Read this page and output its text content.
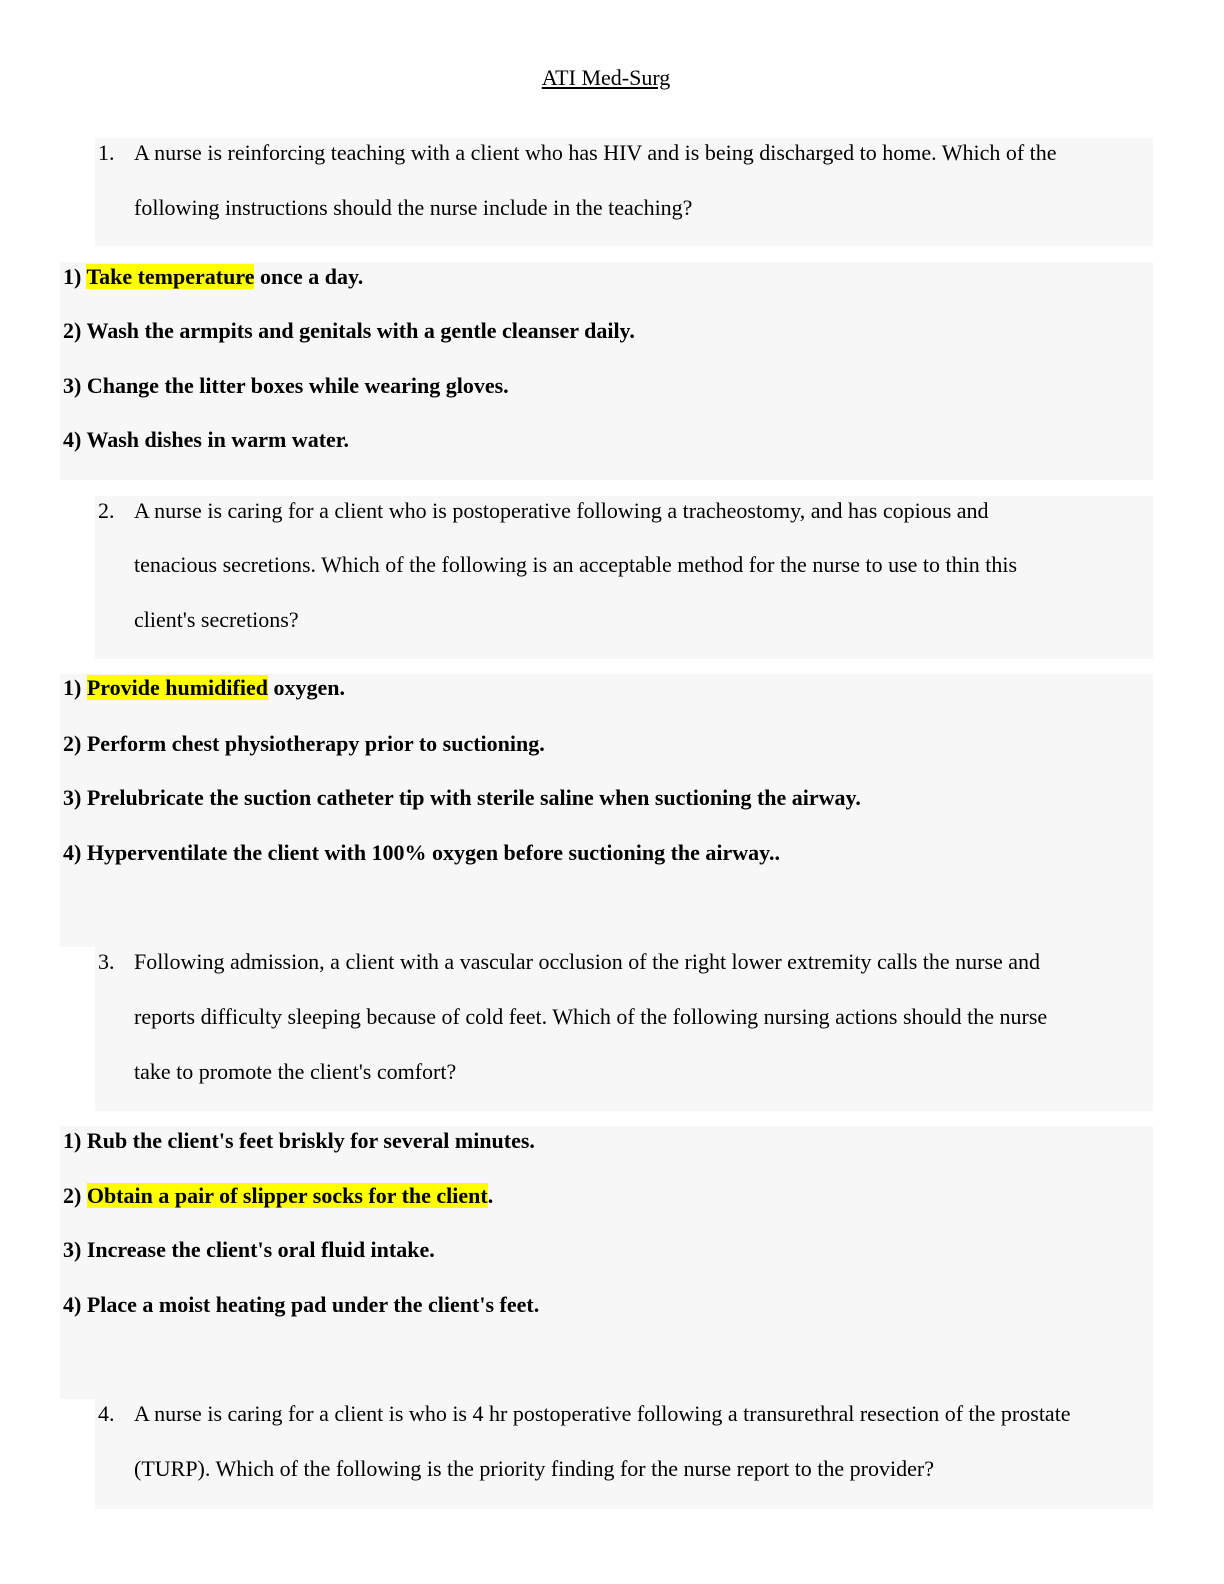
ATI Med-Surg
1. A nurse is reinforcing teaching with a client who has HIV and is being discharged to home. Which of the
following instructions should the nurse include in the teaching?
1) Take temperature once a day.
2) Wash the armpits and genitals with a gentle cleanser daily.
3) Change the litter boxes while wearing gloves.
4) Wash dishes in warm water.
2. A nurse is caring for a client who is postoperative following a tracheostomy, and has copious and
tenacious secretions. Which of the following is an acceptable method for the nurse to use to thin this
client's secretions?
1) Provide humidified oxygen.
2) Perform chest physiotherapy prior to suctioning.
3) Prelubricate the suction catheter tip with sterile saline when suctioning the airway.
4) Hyperventilate the client with 100% oxygen before suctioning the airway..
3. Following admission, a client with a vascular occlusion of the right lower extremity calls the nurse and
reports difficulty sleeping because of cold feet. Which of the following nursing actions should the nurse
take to promote the client's comfort?
1) Rub the client's feet briskly for several minutes.
2) Obtain a pair of slipper socks for the client.
3) Increase the client's oral fluid intake.
4) Place a moist heating pad under the client's feet.
4. A nurse is caring for a client is who is 4 hr postoperative following a transurethral resection of the prostate
(TURP). Which of the following is the priority finding for the nurse report to the provider?
